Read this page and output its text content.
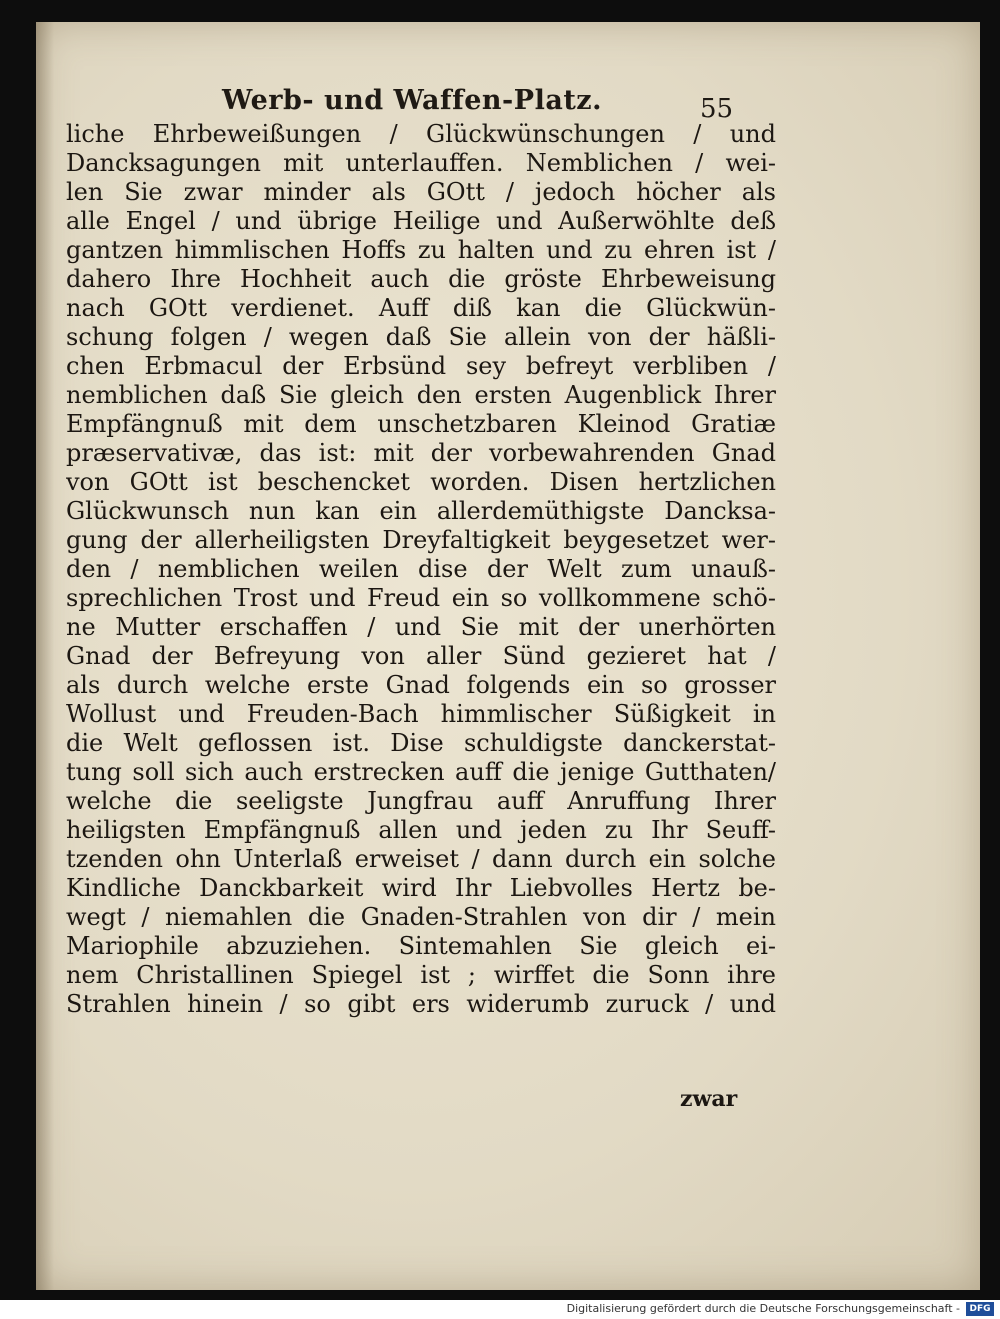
Werb- und Waffen-Platz.	55
liche Ehrbeweißungen / Glückwünschungen / und
Dancksagungen mit unterlauffen. Nemblichen / wei-
len Sie zwar minder als GOtt / jedoch höcher als
alle Engel / und übrige Heilige und Außerwöhlte deß
gantzen himmlischen Hoffs zu halten und zu ehren ist /
dahero Ihre Hochheit auch die gröste Ehrbeweisung
nach GOtt verdienet. Auff diß kan die Glückwün-
schung folgen / wegen daß Sie allein von der häßli-
chen Erbmacul der Erbsünd sey befreyt verbliben /
nemblichen daß Sie gleich den ersten Augenblick Ihrer
Empfängnuß mit dem unschetzbaren Kleinod Gratiæ
præservativæ, das ist: mit der vorbewahrenden Gnad
von GOtt ist beschencket worden. Disen hertzlichen
Glückwunsch nun kan ein allerdemüthigste Dancksa-
gung der allerheiligsten Dreyfaltigkeit beygesetzet wer-
den / nemblichen weilen dise der Welt zum unauß-
sprechlichen Trost und Freud ein so vollkommene schö-
ne Mutter erschaffen / und Sie mit der unerhörten
Gnad der Befreyung von aller Sünd gezieret hat /
als durch welche erste Gnad folgends ein so grosser
Wollust und Freuden-Bach himmlischer Süßigkeit in
die Welt geflossen ist. Dise schuldigste danckerstat-
tung soll sich auch erstrecken auff die jenige Gutthaten/
welche die seeligste Jungfrau auff Anruffung Ihrer
heiligsten Empfängnuß allen und jeden zu Ihr Seuff-
tzenden ohn Unterlaß erweiset / dann durch ein solche
Kindliche Danckbarkeit wird Ihr Liebvolles Hertz be-
wegt / niemahlen die Gnaden-Strahlen von dir / mein
Mariophile abzuziehen. Sintemahlen Sie gleich ei-
nem Christallinen Spiegel ist ; wirffet die Sonn ihre
Strahlen hinein / so gibt ers widerumb zuruck / und
zwar
Digitalisierung gefördert durch die Deutsche Forschungsgemeinschaft -	DFG
